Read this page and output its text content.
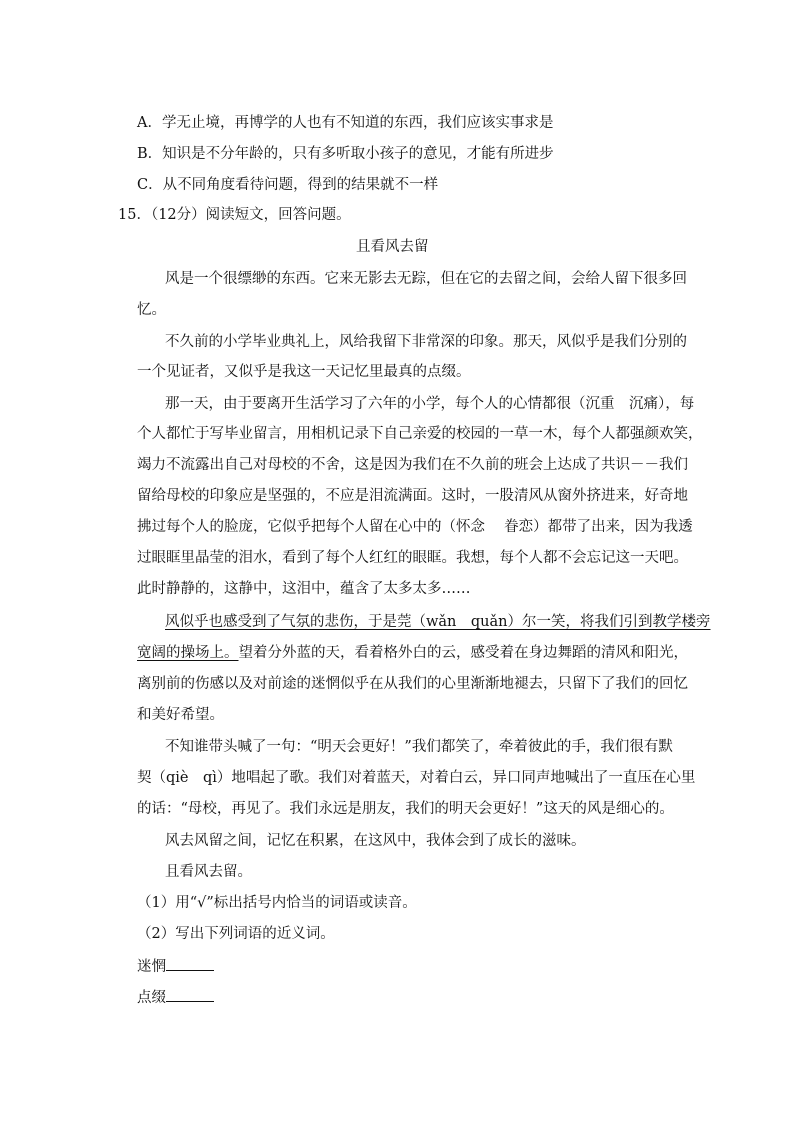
A．学无止境，再博学的人也有不知道的东西，我们应该实事求是
B．知识是不分年龄的，只有多听取小孩子的意见，才能有所进步
C．从不同角度看待问题，得到的结果就不一样
15．（12分）阅读短文，回答问题。
且看风去留
风是一个很缥缈的东西。它来无影去无踪，但在它的去留之间，会给人留下很多回
忆。
不久前的小学毕业典礼上，风给我留下非常深的印象。那天，风似乎是我们分别的
一个见证者，又似乎是我这一天记忆里最真的点缀。
那一天，由于要离开生活学习了六年的小学，每个人的心情都很（沉重　沉痛），每
个人都忙于写毕业留言，用相机记录下自己亲爱的校园的一草一木，每个人都强颜欢笑，
竭力不流露出自己对母校的不舍，这是因为我们在不久前的班会上达成了共识－－我们
留给母校的印象应是坚强的，不应是泪流满面。这时，一股清风从窗外挤进来，好奇地
拂过每个人的脸庞，它似乎把每个人留在心中的（怀念　 眷恋）都带了出来，因为我透
过眼眶里晶莹的泪水，看到了每个人红红的眼眶。我想，每个人都不会忘记这一天吧。
此时静静的，这静中，这泪中，蕴含了太多太多……
风似乎也感受到了气氛的悲伤，于是莞（wǎn　quǎn）尔一笑，将我们引到教学楼旁
宽阔的操场上。望着分外蓝的天，看着格外白的云，感受着在身边舞蹈的清风和阳光，
离别前的伤感以及对前途的迷惘似乎在从我们的心里渐渐地褪去，只留下了我们的回忆
和美好希望。
不知谁带头喊了一句：“明天会更好！”我们都笑了，牵着彼此的手，我们很有默
契（qiè　qì）地唱起了歌。我们对着蓝天，对着白云，异口同声地喊出了一直压在心里
的话：“母校，再见了。我们永远是朋友，我们的明天会更好！”这天的风是细心的。
风去风留之间，记忆在积累，在这风中，我体会到了成长的滋味。
且看风去留。
（1）用“√”标出括号内恰当的词语或读音。
（2）写出下列词语的近义词。
迷惘
点缀
